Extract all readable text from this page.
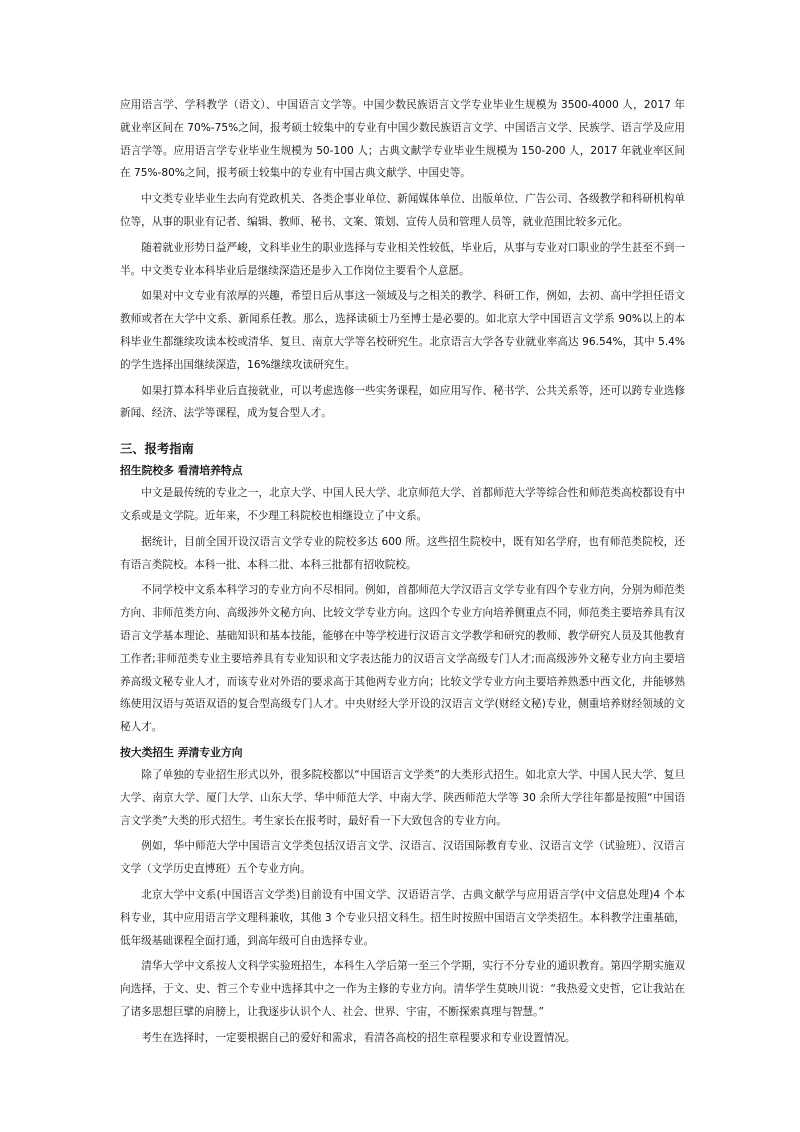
应用语言学、学科教学（语文）、中国语言文学等。中国少数民族语言文学专业毕业生规模为 3500-4000 人，2017 年就业率区间在 70%-75%之间，报考硕士较集中的专业有中国少数民族语言文学、中国语言文学、民族学、语言学及应用语言学等。应用语言学专业毕业生规模为 50-100 人；古典文献学专业毕业生规模为 150-200 人，2017 年就业率区间在 75%-80%之间，报考硕士较集中的专业有中国古典文献学、中国史等。

中文类专业毕业生去向有党政机关、各类企事业单位、新闻媒体单位、出版单位、广告公司、各级教学和科研机构单位等，从事的职业有记者、编辑、教师、秘书、文案、策划、宣传人员和管理人员等，就业范围比较多元化。

随着就业形势日益严峻，文科毕业生的职业选择与专业相关性较低，毕业后，从事与专业对口职业的学生甚至不到一半。中文类专业本科毕业后是继续深造还是步入工作岗位主要看个人意愿。

如果对中文专业有浓厚的兴趣，希望日后从事这一领域及与之相关的教学、科研工作，例如，去初、高中学担任语文教师或者在大学中文系、新闻系任教。那么，选择读硕士乃至博士是必要的。如北京大学中国语言文学系 90%以上的本科毕业生都继续攻读本校或清华、复旦、南京大学等名校研究生。北京语言大学各专业就业率高达 96.54%，其中 5.4%的学生选择出国继续深造，16%继续攻读研究生。

如果打算本科毕业后直接就业，可以考虑选修一些实务课程，如应用写作、秘书学、公共关系等，还可以跨专业选修新闻、经济、法学等课程，成为复合型人才。

三、报考指南
招生院校多 看清培养特点

中文是最传统的专业之一，北京大学、中国人民大学、北京师范大学、首都师范大学等综合性和师范类高校都设有中文系或是文学院。近年来，不少理工科院校也相继设立了中文系。

据统计，目前全国开设汉语言文学专业的院校多达 600 所。这些招生院校中，既有知名学府，也有师范类院校，还有语言类院校。本科一批、本科二批、本科三批都有招收院校。

不同学校中文系本科学习的专业方向不尽相同。例如，首都师范大学汉语言文学专业有四个专业方向，分别为师范类方向、非师范类方向、高级涉外文秘方向、比较文学专业方向。这四个专业方向培养侧重点不同，师范类主要培养具有汉语言文学基本理论、基础知识和基本技能，能够在中等学校进行汉语言文学教学和研究的教师、教学研究人员及其他教育工作者;非师范类专业主要培养具有专业知识和文字表达能力的汉语言文学高级专门人才;而高级涉外文秘专业方向主要培养高级文秘专业人才，而该专业对外语的要求高于其他两专业方向；比较文学专业方向主要培养熟悉中西文化，并能够熟练使用汉语与英语双语的复合型高级专门人才。中央财经大学开设的汉语言文学(财经文秘)专业，侧重培养财经领域的文秘人才。

按大类招生 弄清专业方向

除了单独的专业招生形式以外，很多院校都以“中国语言文学类”的大类形式招生。如北京大学、中国人民大学、复旦大学、南京大学、厦门大学、山东大学、华中师范大学、中南大学、陕西师范大学等 30 余所大学往年都是按照“中国语言文学类”大类的形式招生。考生家长在报考时，最好看一下大致包含的专业方向。

例如，华中师范大学中国语言文学类包括汉语言文学、汉语言、汉语国际教育专业、汉语言文学（试验班）、汉语言文学（文学历史直博班）五个专业方向。

北京大学中文系(中国语言文学类)目前设有中国文学、汉语语言学、古典文献学与应用语言学(中文信息处理)4 个本科专业，其中应用语言学文理科兼收，其他 3 个专业只招文科生。招生时按照中国语言文学类招生。本科教学注重基础，低年级基础课程全面打通，到高年级可自由选择专业。

清华大学中文系按人文科学实验班招生，本科生入学后第一至三个学期，实行不分专业的通识教育。第四学期实施双向选择，于文、史、哲三个专业中选择其中之一作为主修的专业方向。清华学生莫映川说：“我热爱文史哲，它让我站在了诸多思想巨擘的肩膀上，让我逐步认识个人、社会、世界、宇宙，不断探索真理与智慧。”

考生在选择时，一定要根据自己的爱好和需求，看清各高校的招生章程要求和专业设置情况。
